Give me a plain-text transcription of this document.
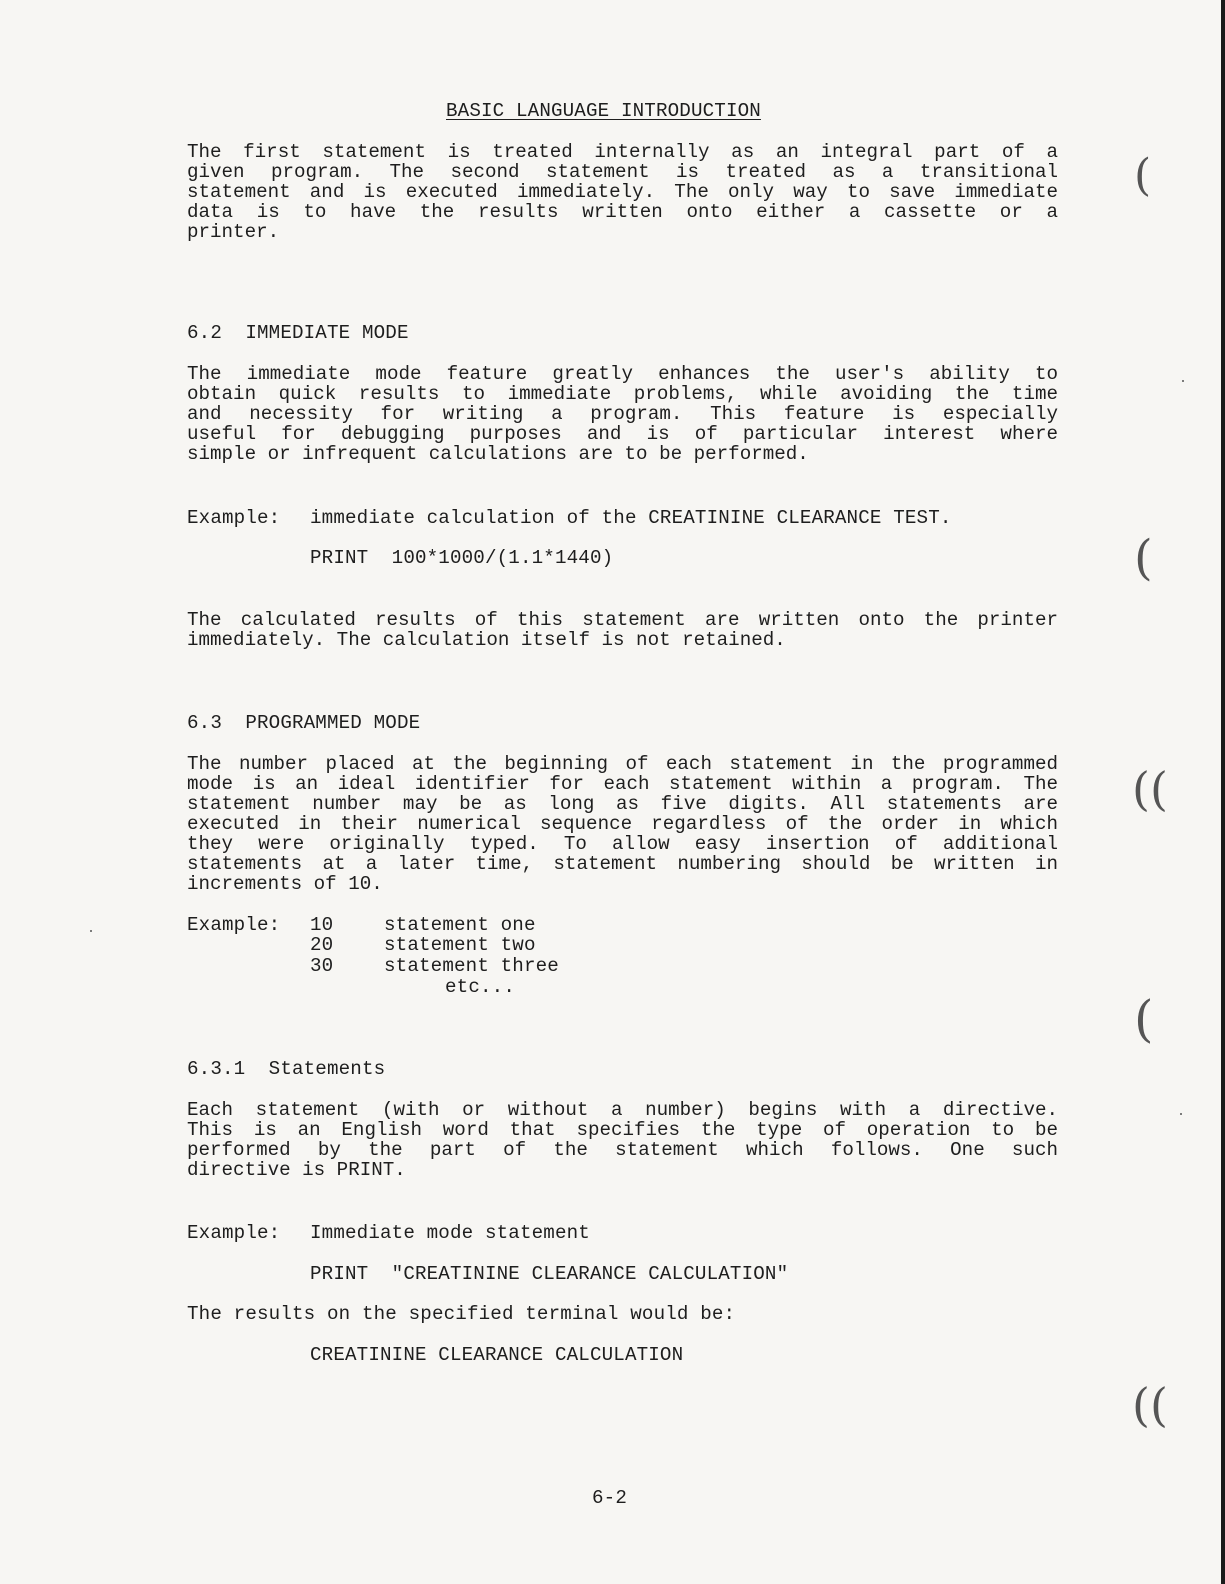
BASIC LANGUAGE INTRODUCTION
The first statement is treated internally as an integral part of a
given program. The second statement is treated as a transitional
statement and is executed immediately. The only way to save immediate
data is to have the results written onto either a cassette or a
printer.
6.2  IMMEDIATE MODE
The immediate mode feature greatly enhances the user's ability to
obtain quick results to immediate problems, while avoiding the time
and necessity for writing a program. This feature is especially
useful for debugging purposes and is of particular interest where
simple or infrequent calculations are to be performed.
Example: immediate calculation of the CREATININE CLEARANCE TEST.
PRINT  100*1000/(1.1*1440)
The calculated results of this statement are written onto the printer
immediately. The calculation itself is not retained.
6.3  PROGRAMMED MODE
The number placed at the beginning of each statement in the programmed
mode is an ideal identifier for each statement within a program. The
statement number may be as long as five digits. All statements are
executed in their numerical sequence regardless of the order in which
they were originally typed. To allow easy insertion of additional
statements at a later time, statement numbering should be written in
increments of 10.
Example: 10	statement one
20	statement two
30	statement three
etc...
6.3.1  Statements
Each statement (with or without a number) begins with a directive.
This is an English word that specifies the type of operation to be
performed by the part of the statement which follows. One such
directive is PRINT.
Example: Immediate mode statement
PRINT  "CREATININE CLEARANCE CALCULATION"
The results on the specified terminal would be:
CREATININE CLEARANCE CALCULATION
6-2
(
(
((
(
((
